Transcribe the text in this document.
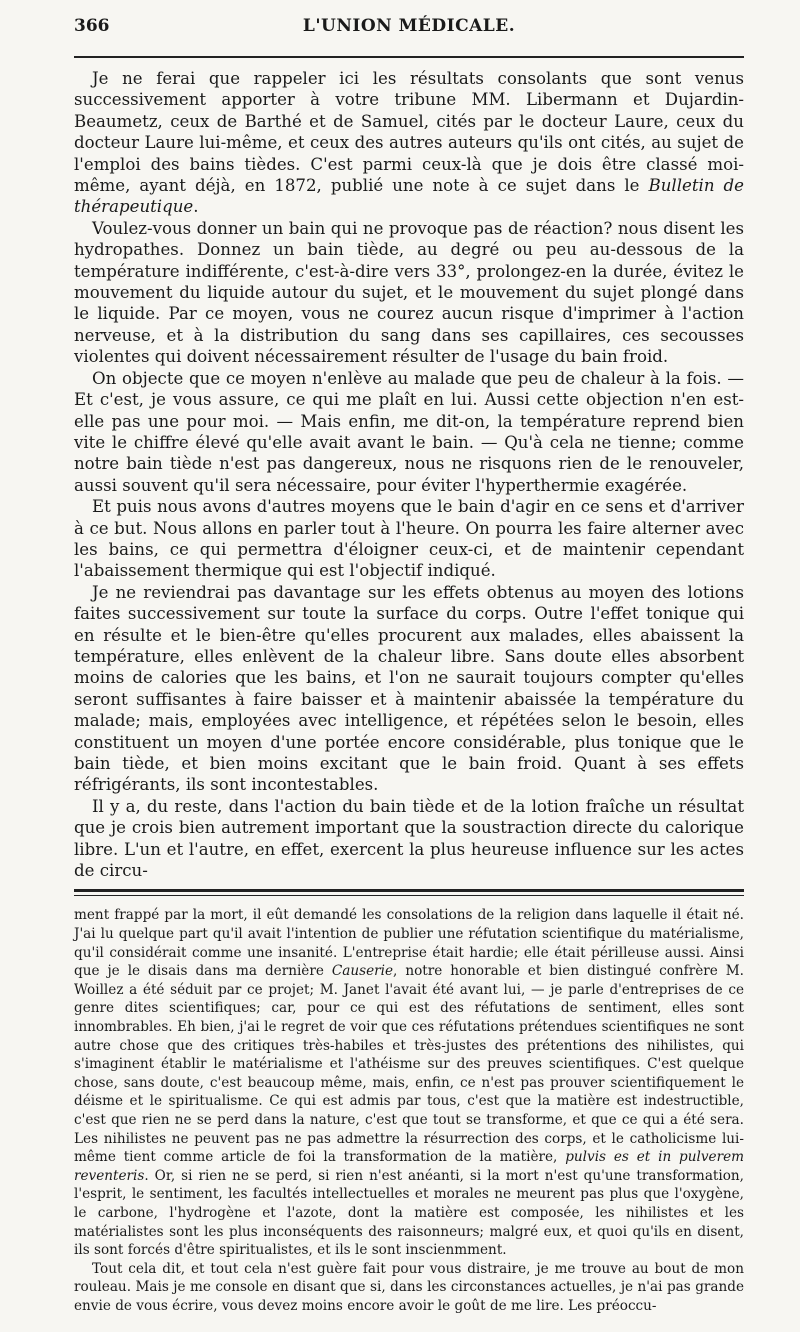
366	L'UNION MÉDICALE.

Je ne ferai que rappeler ici les résultats consolants que sont venus successivement apporter à votre tribune MM. Libermann et Dujardin-Beaumetz, ceux de Barthé et de Samuel, cités par le docteur Laure, ceux du docteur Laure lui-même, et ceux des autres auteurs qu'ils ont cités, au sujet de l'emploi des bains tièdes. C'est parmi ceux-là que je dois être classé moi-même, ayant déjà, en 1872, publié une note à ce sujet dans le Bulletin de thérapeutique.

Voulez-vous donner un bain qui ne provoque pas de réaction? nous disent les hydropathes. Donnez un bain tiède, au degré ou peu au-dessous de la température indifférente, c'est-à-dire vers 33°, prolongez-en la durée, évitez le mouvement du liquide autour du sujet, et le mouvement du sujet plongé dans le liquide. Par ce moyen, vous ne courez aucun risque d'imprimer à l'action nerveuse, et à la distribution du sang dans ses capillaires, ces secousses violentes qui doivent nécessairement résulter de l'usage du bain froid.

On objecte que ce moyen n'enlève au malade que peu de chaleur à la fois. — Et c'est, je vous assure, ce qui me plaît en lui. Aussi cette objection n'en est-elle pas une pour moi. — Mais enfin, me dit-on, la température reprend bien vite le chiffre élevé qu'elle avait avant le bain. — Qu'à cela ne tienne; comme notre bain tiède n'est pas dangereux, nous ne risquons rien de le renouveler, aussi souvent qu'il sera nécessaire, pour éviter l'hyperthermie exagérée.

Et puis nous avons d'autres moyens que le bain d'agir en ce sens et d'arriver à ce but. Nous allons en parler tout à l'heure. On pourra les faire alterner avec les bains, ce qui permettra d'éloigner ceux-ci, et de maintenir cependant l'abaissement thermique qui est l'objectif indiqué.

Je ne reviendrai pas davantage sur les effets obtenus au moyen des lotions faites successivement sur toute la surface du corps. Outre l'effet tonique qui en résulte et le bien-être qu'elles procurent aux malades, elles abaissent la température, elles enlèvent de la chaleur libre. Sans doute elles absorbent moins de calories que les bains, et l'on ne saurait toujours compter qu'elles seront suffisantes à faire baisser et à maintenir abaissée la température du malade; mais, employées avec intelligence, et répétées selon le besoin, elles constituent un moyen d'une portée encore considérable, plus tonique que le bain tiède, et bien moins excitant que le bain froid. Quant à ses effets réfrigérants, ils sont incontestables.

Il y a, du reste, dans l'action du bain tiède et de la lotion fraîche un résultat que je crois bien autrement important que la soustraction directe du calorique libre. L'un et l'autre, en effet, exercent la plus heureuse influence sur les actes de circu-

ment frappé par la mort, il eût demandé les consolations de la religion dans laquelle il était né. J'ai lu quelque part qu'il avait l'intention de publier une réfutation scientifique du matérialisme, qu'il considérait comme une insanité. L'entreprise était hardie; elle était périlleuse aussi. Ainsi que je le disais dans ma dernière Causerie, notre honorable et bien distingué confrère M. Woillez a été séduit par ce projet; M. Janet l'avait été avant lui, — je parle d'entreprises de ce genre dites scientifiques; car, pour ce qui est des réfutations de sentiment, elles sont innombrables. Eh bien, j'ai le regret de voir que ces réfutations prétendues scientifiques ne sont autre chose que des critiques très-habiles et très-justes des prétentions des nihilistes, qui s'imaginent établir le matérialisme et l'athéisme sur des preuves scientifiques. C'est quelque chose, sans doute, c'est beaucoup même, mais, enfin, ce n'est pas prouver scientifiquement le déisme et le spiritualisme. Ce qui est admis par tous, c'est que la matière est indestructible, c'est que rien ne se perd dans la nature, c'est que tout se transforme, et que ce qui a été sera. Les nihilistes ne peuvent pas ne pas admettre la résurrection des corps, et le catholicisme lui-même tient comme article de foi la transformation de la matière, pulvis es et in pulverem reventeris. Or, si rien ne se perd, si rien n'est anéanti, si la mort n'est qu'une transformation, l'esprit, le sentiment, les facultés intellectuelles et morales ne meurent pas plus que l'oxygène, le carbone, l'hydrogène et l'azote, dont la matière est composée, les nihilistes et les matérialistes sont les plus inconséquents des raisonneurs; malgré eux, et quoi qu'ils en disent, ils sont forcés d'être spiritualistes, et ils le sont inscienmment.

Tout cela dit, et tout cela n'est guère fait pour vous distraire, je me trouve au bout de mon rouleau. Mais je me console en disant que si, dans les circonstances actuelles, je n'ai pas grande envie de vous écrire, vous devez moins encore avoir le goût de me lire. Les préoccu-
